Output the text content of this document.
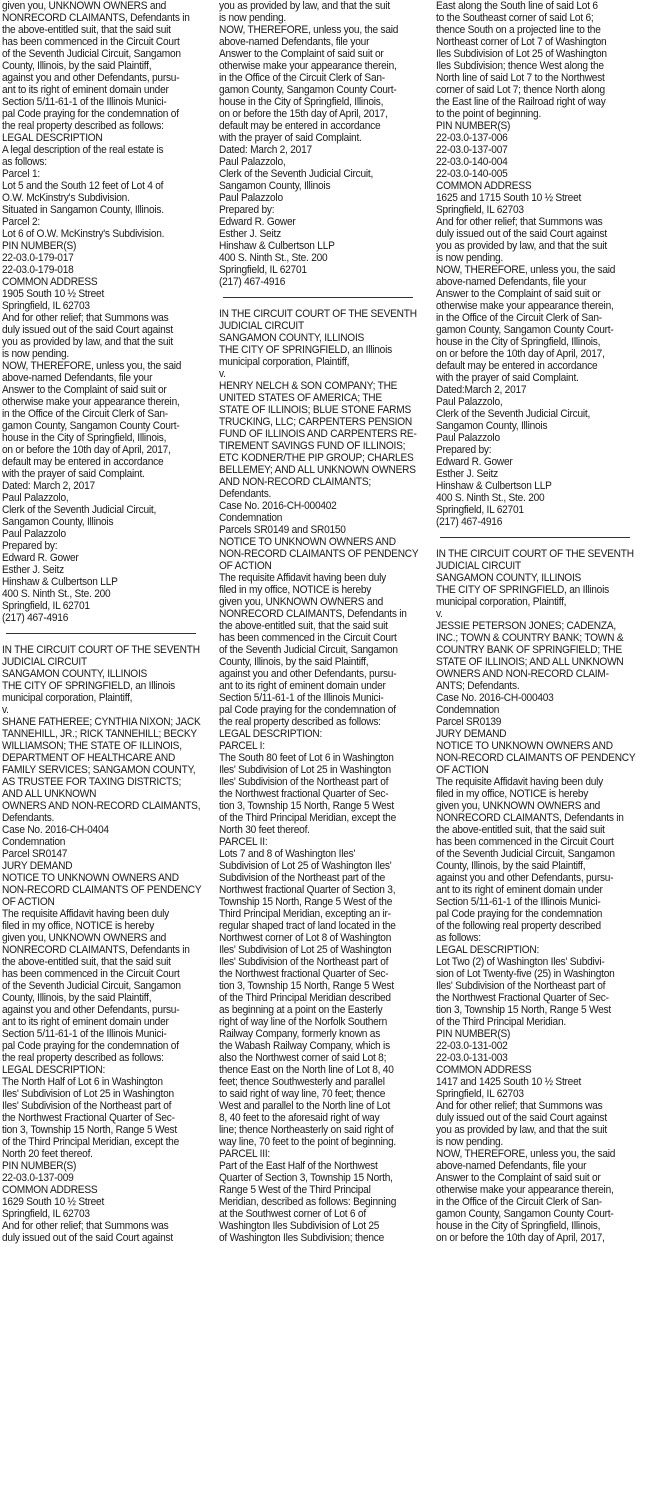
given you, UNKNOWN OWNERS and
NONRECORD CLAIMANTS, Defendants in
the above-entitled suit, that the said suit
has been commenced in the Circuit Court
of the Seventh Judicial Circuit, Sangamon
County, Illinois, by the said Plaintiff,
against you and other Defendants, pursu-
ant to its right of eminent domain under
Section 5/11-61-1 of the Illinois Munici-
pal Code praying for the condemnation of
the real property described as follows:
LEGAL DESCRIPTION
A legal description of the real estate is
as follows:
Parcel 1:
Lot 5 and the South 12 feet of Lot 4 of
O.W. McKinstry's Subdivision.
Situated in Sangamon County, Illinois.
Parcel 2:
Lot 6 of O.W. McKinstry's Subdivision.
PIN NUMBER(S)
22-03.0-179-017
22-03.0-179-018
COMMON ADDRESS
1905 South 10 ½ Street
Springfield, IL 62703
And for other relief; that Summons was
duly issued out of the said Court against
you as provided by law, and that the suit
is now pending.
NOW, THEREFORE, unless you, the said
above-named Defendants, file your
Answer to the Complaint of said suit or
otherwise make your appearance therein,
in the Office of the Circuit Clerk of San-
gamon County, Sangamon County Court-
house in the City of Springfield, Illinois,
on or before the 10th day of April, 2017,
default may be entered in accordance
with the prayer of said Complaint.
Dated: March 2, 2017
Paul Palazzolo,
Clerk of the Seventh Judicial Circuit,
Sangamon County, Illinois
Paul Palazzolo
Prepared by:
Edward R. Gower
Esther J. Seitz
Hinshaw & Culbertson LLP
400 S. Ninth St., Ste. 200
Springfield, IL 62701
(217) 467-4916
IN THE CIRCUIT COURT OF THE SEVENTH
JUDICIAL CIRCUIT
SANGAMON COUNTY, ILLINOIS
THE CITY OF SPRINGFIELD, an Illinois
municipal corporation, Plaintiff,
v.
SHANE FATHEREE; CYNTHIA NIXON; JACK
TANNEHILL, JR.; RICK TANNEHILL; BECKY
WILLIAMSON; THE STATE OF ILLINOIS,
DEPARTMENT OF HEALTHCARE AND
FAMILY SERVICES; SANGAMON COUNTY,
AS TRUSTEE FOR TAXING DISTRICTS;
AND ALL UNKNOWN
OWNERS AND NON-RECORD CLAIMANTS,
Defendants.
Case No. 2016-CH-0404
Condemnation
Parcel SR0147
JURY DEMAND
NOTICE TO UNKNOWN OWNERS AND
NON-RECORD CLAIMANTS OF PENDENCY
OF ACTION
The requisite Affidavit having been duly
filed in my office, NOTICE is hereby
given you, UNKNOWN OWNERS and
NONRECORD CLAIMANTS, Defendants in
the above-entitled suit, that the said suit
has been commenced in the Circuit Court
of the Seventh Judicial Circuit, Sangamon
County, Illinois, by the said Plaintiff,
against you and other Defendants, pursu-
ant to its right of eminent domain under
Section 5/11-61-1 of the Illinois Munici-
pal Code praying for the condemnation of
the real property described as follows:
LEGAL DESCRIPTION:
The North Half of Lot 6 in Washington
Iles' Subdivision of Lot 25 in Washington
Iles' Subdivision of the Northeast part of
the Northwest Fractional Quarter of Sec-
tion 3, Township 15 North, Range 5 West
of the Third Principal Meridian, except the
North 20 feet thereof.
PIN NUMBER(S)
22-03.0-137-009
COMMON ADDRESS
1629 South 10 ½ Street
Springfield, IL 62703
And for other relief; that Summons was
duly issued out of the said Court against
you as provided by law, and that the suit
is now pending.
NOW, THEREFORE, unless you, the said
above-named Defendants, file your
Answer to the Complaint of said suit or
otherwise make your appearance therein,
in the Office of the Circuit Clerk of San-
gamon County, Sangamon County Court-
house in the City of Springfield, Illinois,
on or before the 15th day of April, 2017,
default may be entered in accordance
with the prayer of said Complaint.
Dated: March 2, 2017
Paul Palazzolo,
Clerk of the Seventh Judicial Circuit,
Sangamon County, Illinois
Paul Palazzolo
Prepared by:
Edward R. Gower
Esther J. Seitz
Hinshaw & Culbertson LLP
400 S. Ninth St., Ste. 200
Springfield, IL 62701
(217) 467-4916
IN THE CIRCUIT COURT OF THE SEVENTH
JUDICIAL CIRCUIT
SANGAMON COUNTY, ILLINOIS
THE CITY OF SPRINGFIELD, an Illinois
municipal corporation, Plaintiff,
v.
HENRY NELCH & SON COMPANY; THE
UNITED STATES OF AMERICA; THE
STATE OF ILLINOIS; BLUE STONE FARMS
TRUCKING, LLC; CARPENTERS PENSION
FUND OF ILLINOIS AND CARPENTERS RE-
TIREMENT SAVINGS FUND OF ILLINOIS;
ETC KODNER/THE PIP GROUP; CHARLES
BELLEMEY; AND ALL UNKNOWN OWNERS
AND NON-RECORD CLAIMANTS;
Defendants.
Case No. 2016-CH-000402
Condemnation
Parcels SR0149 and SR0150
NOTICE TO UNKNOWN OWNERS AND
NON-RECORD CLAIMANTS OF PENDENCY
OF ACTION
The requisite Affidavit having been duly
filed in my office, NOTICE is hereby
given you, UNKNOWN OWNERS and
NONRECORD CLAIMANTS, Defendants in
the above-entitled suit, that the said suit
has been commenced in the Circuit Court
of the Seventh Judicial Circuit, Sangamon
County, Illinois, by the said Plaintiff,
against you and other Defendants, pursu-
ant to its right of eminent domain under
Section 5/11-61-1 of the Illinois Munici-
pal Code praying for the condemnation of
the real property described as follows:
LEGAL DESCRIPTION:
PARCEL I:
The South 80 feet of Lot 6 in Washington
Iles' Subdivision of Lot 25 in Washington
Iles' Subdivision of the Northeast part of
the Northwest fractional Quarter of Sec-
tion 3, Township 15 North, Range 5 West
of the Third Principal Meridian, except the
North 30 feet thereof.
PARCEL II:
Lots 7 and 8 of Washington Iles'
Subdivision of Lot 25 of Washington Iles'
Subdivision of the Northeast part of the
Northwest fractional Quarter of Section 3,
Township 15 North, Range 5 West of the
Third Principal Meridian, excepting an ir-
regular shaped tract of land located in the
Northwest corner of Lot 8 of Washington
Iles' Subdivision of Lot 25 of Washington
Iles' Subdivision of the Northeast part of
the Northwest fractional Quarter of Sec-
tion 3, Township 15 North, Range 5 West
of the Third Principal Meridian described
as beginning at a point on the Easterly
right of way line of the Norfolk Southern
Railway Company, formerly known as
the Wabash Railway Company, which is
also the Northwest corner of said Lot 8;
thence East on the North line of Lot 8, 40
feet; thence Southwesterly and parallel
to said right of way line, 70 feet; thence
West and parallel to the North line of Lot
8, 40 feet to the aforesaid right of way
line; thence Northeasterly on said right of
way line, 70 feet to the point of beginning.
PARCEL III:
Part of the East Half of the Northwest
Quarter of Section 3, Township 15 North,
Range 5 West of the Third Principal
Meridian, described as follows: Beginning
at the Southwest corner of Lot 6 of
Washington Iles Subdivision of Lot 25
of Washington Iles Subdivision; thence
East along the South line of said Lot 6
to the Southeast corner of said Lot 6;
thence South on a projected line to the
Northeast corner of Lot 7 of Washington
Iles Subdivision of Lot 25 of Washington
Iles Subdivision; thence West along the
North line of said Lot 7 to the Northwest
corner of said Lot 7; thence North along
the East line of the Railroad right of way
to the point of beginning.
PIN NUMBER(S)
22-03.0-137-006
22-03.0-137-007
22-03.0-140-004
22-03.0-140-005
COMMON ADDRESS
1625 and 1715 South 10 ½ Street
Springfield, IL 62703
And for other relief; that Summons was
duly issued out of the said Court against
you as provided by law, and that the suit
is now pending.
NOW, THEREFORE, unless you, the said
above-named Defendants, file your
Answer to the Complaint of said suit or
otherwise make your appearance therein,
in the Office of the Circuit Clerk of San-
gamon County, Sangamon County Court-
house in the City of Springfield, Illinois,
on or before the 10th day of April, 2017,
default may be entered in accordance
with the prayer of said Complaint.
Dated:March 2, 2017
Paul Palazzolo,
Clerk of the Seventh Judicial Circuit,
Sangamon County, Illinois
Paul Palazzolo
Prepared by:
Edward R. Gower
Esther J. Seitz
Hinshaw & Culbertson LLP
400 S. Ninth St., Ste. 200
Springfield, IL 62701
(217) 467-4916
IN THE CIRCUIT COURT OF THE SEVENTH
JUDICIAL CIRCUIT
SANGAMON COUNTY, ILLINOIS
THE CITY OF SPRINGFIELD, an Illinois
municipal corporation, Plaintiff,
v.
JESSIE PETERSON JONES; CADENZA,
INC.; TOWN & COUNTRY BANK; TOWN &
COUNTRY BANK OF SPRINGFIELD; THE
STATE OF ILLINOIS; AND ALL UNKNOWN
OWNERS AND NON-RECORD CLAIM-
ANTS; Defendants.
Case No. 2016-CH-000403
Condemnation
Parcel SR0139
JURY DEMAND
NOTICE TO UNKNOWN OWNERS AND
NON-RECORD CLAIMANTS OF PENDENCY
OF ACTION
The requisite Affidavit having been duly
filed in my office, NOTICE is hereby
given you, UNKNOWN OWNERS and
NONRECORD CLAIMANTS, Defendants in
the above-entitled suit, that the said suit
has been commenced in the Circuit Court
of the Seventh Judicial Circuit, Sangamon
County, Illinois, by the said Plaintiff,
against you and other Defendants, pursu-
ant to its right of eminent domain under
Section 5/11-61-1 of the Illinois Munici-
pal Code praying for the condemnation
of the following real property described
as follows:
LEGAL DESCRIPTION:
Lot Two (2) of Washington Iles' Subdivi-
sion of Lot Twenty-five (25) in Washington
Iles' Subdivision of the Northeast part of
the Northwest Fractional Quarter of Sec-
tion 3, Township 15 North, Range 5 West
of the Third Principal Meridian.
PIN NUMBER(S)
22-03.0-131-002
22-03.0-131-003
COMMON ADDRESS
1417 and 1425 South 10 ½ Street
Springfield, IL 62703
And for other relief; that Summons was
duly issued out of the said Court against
you as provided by law, and that the suit
is now pending.
NOW, THEREFORE, unless you, the said
above-named Defendants, file your
Answer to the Complaint of said suit or
otherwise make your appearance therein,
in the Office of the Circuit Clerk of San-
gamon County, Sangamon County Court-
house in the City of Springfield, Illinois,
on or before the 10th day of April, 2017,
